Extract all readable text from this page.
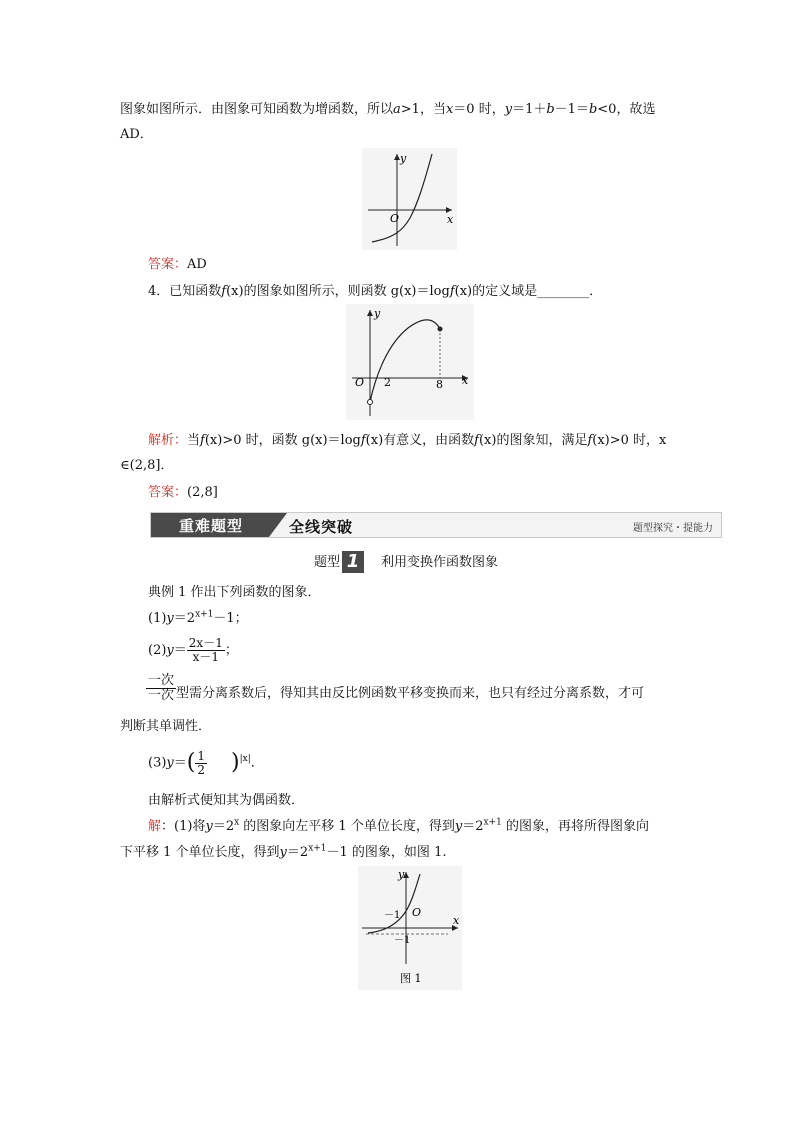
图象如图所示．由图象可知函数为增函数，所以a>1，当x＝0 时，y＝1＋b－1＝b<0，故选
AD．
y
x
O
答案：AD
4．已知函数f(x)的图象如图所示，则函数 g(x)＝logf(x)的定义域是________．
y
x
O 2	8
解析：当f(x)>0 时，函数 g(x)＝logf(x)有意义，由函数f(x)的图象知，满足f(x)>0 时，x
∈(2,8]．
答案：(2,8]
重难题型	全线突破	题型探究・提能力
题型 1	利用变换作函数图象
典例 1 作出下列函数的图象．
$(1)y=2^{x+1}-1$；
$(2)y= \frac{2x-1}{x-1}$ ；
一次
一次 型需分离系数后，得知其由反比例函数平移变换而来，也只有经过分离系数，才可
判断其单调性．
$(3)y=( \frac{1}{2} )^{|x|}$．
由解析式便知其为偶函数．
解：(1)将$y=2^x$ 的图象向左平移 1 个单位长度，得到$y=2^{x+1}$ 的图象，再将所得图象向
下平移 1 个单位长度，得到$y=2^{x+1}-1$ 的图象，如图 1.
y
x
O
－1
－1
图 1
